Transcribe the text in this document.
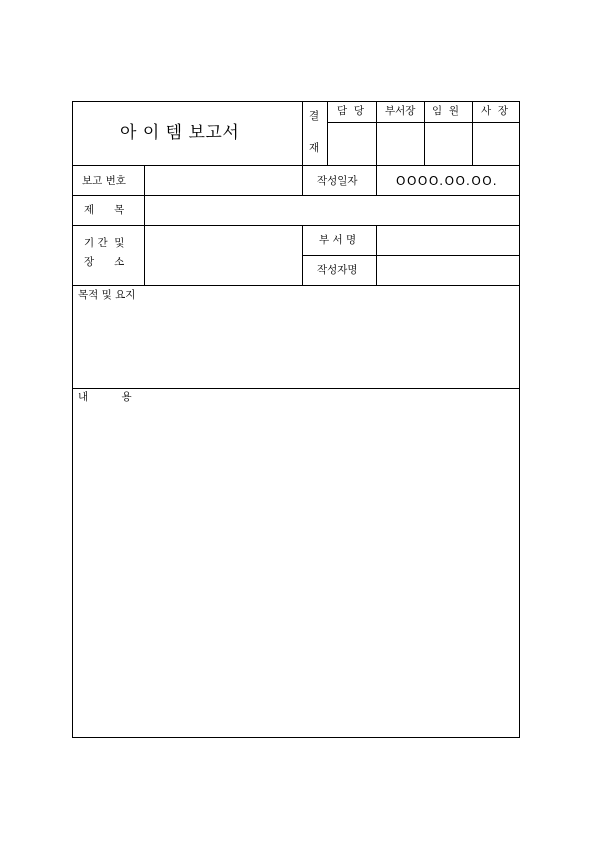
아 이 템 보고서
결
재
담  당 부서장 임  원 사  장
보고 번호	작성일자	OOOO.OO.OO.
제      목
기 간  및
장      소
부 서 명
작성자명
목적 및 요지
내          용
